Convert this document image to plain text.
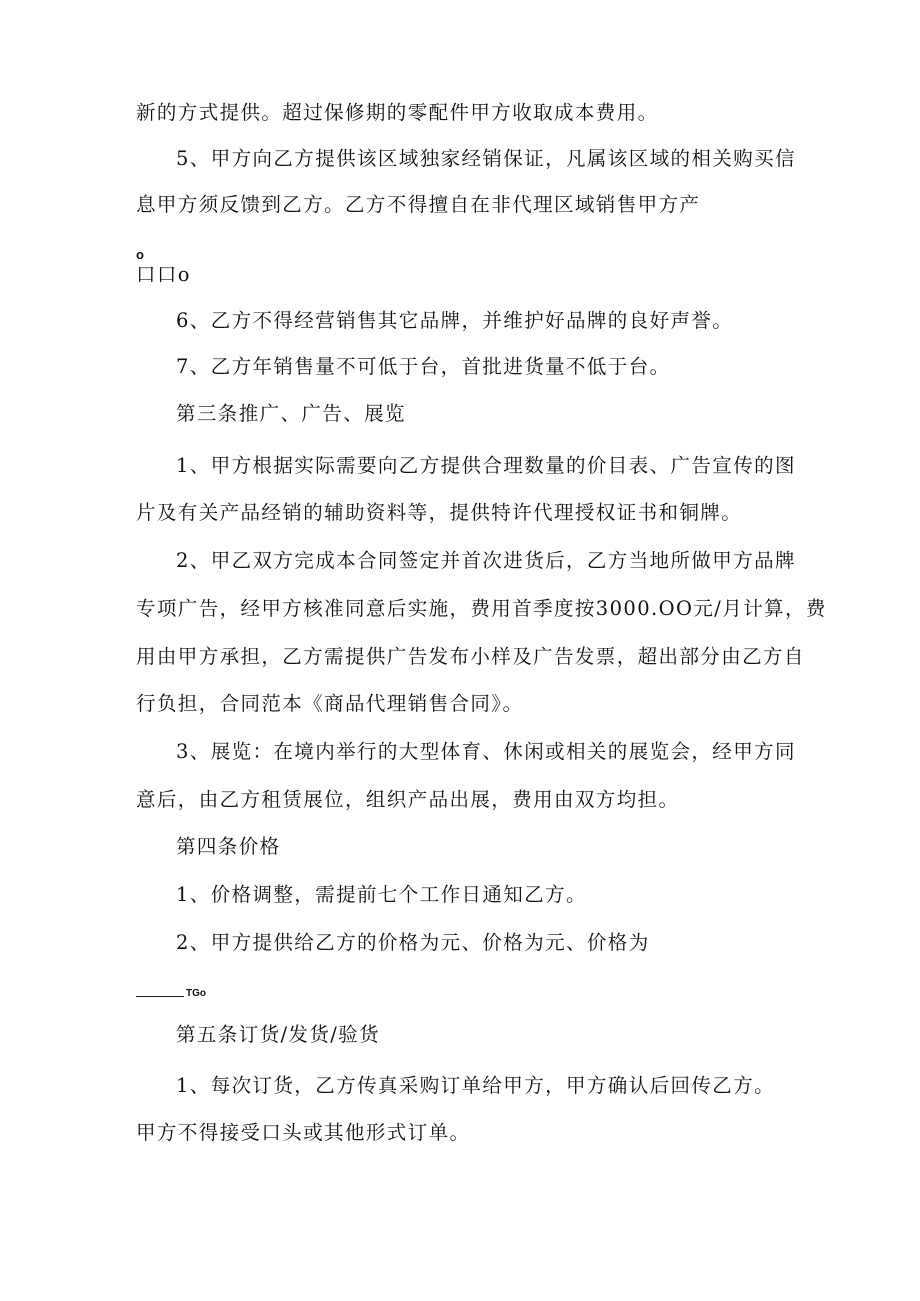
新的方式提供。超过保修期的零配件甲方收取成本费用。
5、甲方向乙方提供该区域独家经销保证，凡属该区域的相关购买信
息甲方须反馈到乙方。乙方不得擅自在非代理区域销售甲方产
o
口口o
6、乙方不得经营销售其它品牌，并维护好品牌的良好声誉。
7、乙方年销售量不可低于台，首批进货量不低于台。
第三条推广、广告、展览
1、甲方根据实际需要向乙方提供合理数量的价目表、广告宣传的图
片及有关产品经销的辅助资料等，提供特许代理授权证书和铜牌。
2、甲乙双方完成本合同签定并首次进货后，乙方当地所做甲方品牌
专项广告，经甲方核准同意后实施，费用首季度按3000.OO元/月计算，费
用由甲方承担，乙方需提供广告发布小样及广告发票，超出部分由乙方自
行负担，合同范本《商品代理销售合同》。
3、展览：在境内举行的大型体育、休闲或相关的展览会，经甲方同
意后，由乙方租赁展位，组织产品出展，费用由双方均担。
第四条价格
1、价格调整，需提前七个工作日通知乙方。
2、甲方提供给乙方的价格为元、价格为元、价格为
TGo
第五条订货/发货/验货
1、每次订货，乙方传真采购订单给甲方，甲方确认后回传乙方。
甲方不得接受口头或其他形式订单。
